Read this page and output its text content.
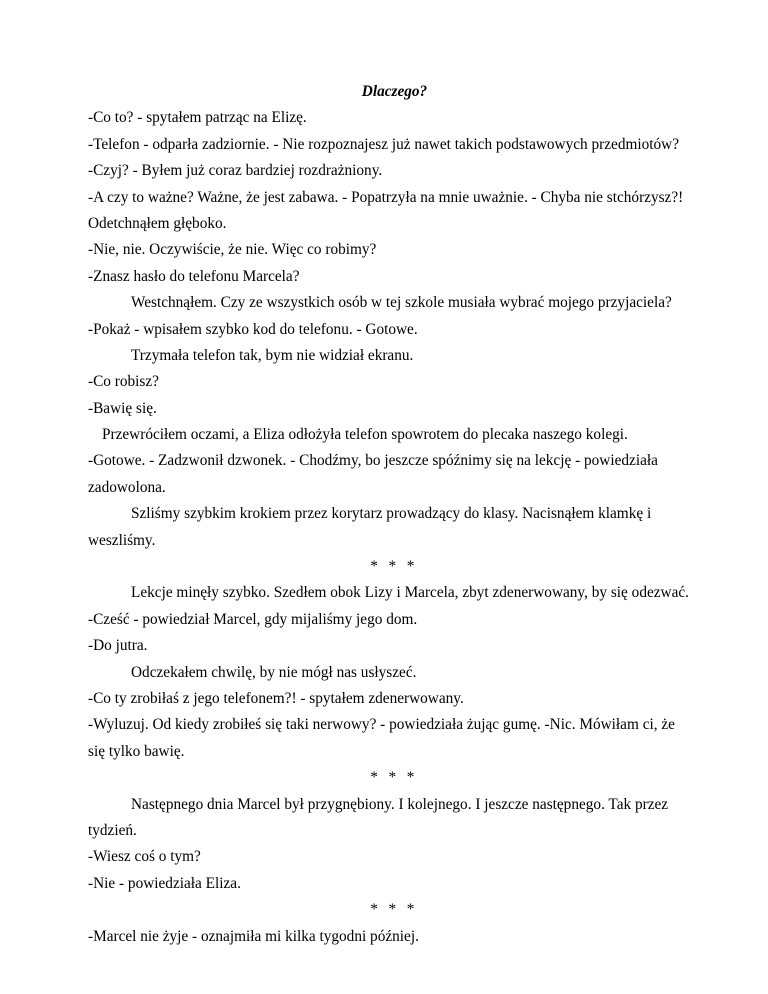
Dlaczego?
-Co to? - spytałem patrząc na Elizę.
-Telefon - odparła zadziornie. - Nie rozpoznajesz już nawet takich podstawowych przedmiotów?
-Czyj? - Byłem już coraz bardziej rozdrażniony.
-A czy to ważne? Ważne, że jest zabawa. - Popatrzyła na mnie uważnie. - Chyba nie stchórzysz?!
Odetchnąłem głęboko.
-Nie, nie. Oczywiście, że nie. Więc co robimy?
-Znasz hasło do telefonu Marcela?
Westchnąłem. Czy ze wszystkich osób w tej szkole musiała wybrać mojego przyjaciela?
-Pokaż - wpisałem szybko kod do telefonu. - Gotowe.
Trzymała telefon tak, bym nie widział ekranu.
-Co robisz?
-Bawię się.
Przewróciłem oczami, a Eliza odłożyła telefon spowrotem do plecaka naszego kolegi.
-Gotowe. - Zadzwonił dzwonek. - Chodźmy, bo jeszcze spóźnimy się na lekcję - powiedziała
zadowolona.
Szliśmy szybkim krokiem przez korytarz prowadzący do klasy. Nacisnąłem klamkę i
weszliśmy.
* * *
Lekcje minęły szybko. Szedłem obok Lizy i Marcela, zbyt zdenerwowany, by się odezwać.
-Cześć - powiedział Marcel, gdy mijaliśmy jego dom.
-Do jutra.
Odczekałem chwilę, by nie mógł nas usłyszeć.
-Co ty zrobiłaś z jego telefonem?! - spytałem zdenerwowany.
-Wyluzuj. Od kiedy zrobiłeś się taki nerwowy? - powiedziała żując gumę. -Nic. Mówiłam ci, że
się tylko bawię.
* * *
Następnego dnia Marcel był przygnębiony. I kolejnego. I jeszcze następnego. Tak przez
tydzień.
-Wiesz coś o tym?
-Nie - powiedziała Eliza.
* * *
-Marcel nie żyje - oznajmiła mi kilka tygodni później.
